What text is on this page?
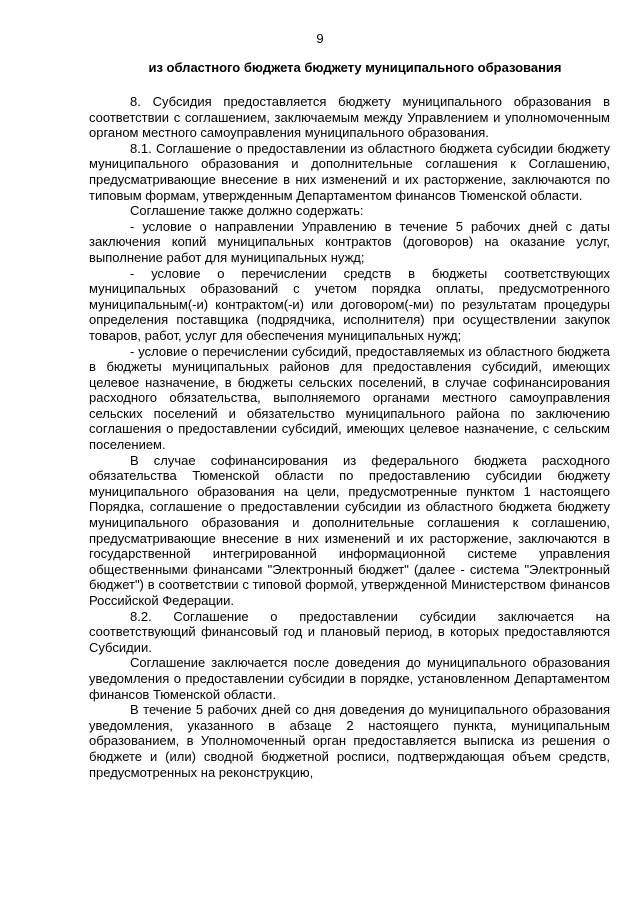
9
из областного бюджета бюджету муниципального образования

8. Субсидия предоставляется бюджету муниципального образования в соответствии с соглашением, заключаемым между Управлением и уполномоченным органом местного самоуправления муниципального образования.

8.1. Соглашение о предоставлении из областного бюджета субсидии бюджету муниципального образования и дополнительные соглашения к Соглашению, предусматривающие внесение в них изменений и их расторжение, заключаются по типовым формам, утвержденным Департаментом финансов Тюменской области.

Соглашение также должно содержать:

- условие о направлении Управлению в течение 5 рабочих дней с даты заключения копий муниципальных контрактов (договоров) на оказание услуг, выполнение работ для муниципальных нужд;

- условие о перечислении средств в бюджеты соответствующих муниципальных образований с учетом порядка оплаты, предусмотренного муниципальным(-и) контрактом(-и) или договором(-ми) по результатам процедуры определения поставщика (подрядчика, исполнителя) при осуществлении закупок товаров, работ, услуг для обеспечения муниципальных нужд;

- условие о перечислении субсидий, предоставляемых из областного бюджета в бюджеты муниципальных районов для предоставления субсидий, имеющих целевое назначение, в бюджеты сельских поселений, в случае софинансирования расходного обязательства, выполняемого органами местного самоуправления сельских поселений и обязательство муниципального района по заключению соглашения о предоставлении субсидий, имеющих целевое назначение, с сельским поселением.

В случае софинансирования из федерального бюджета расходного обязательства Тюменской области по предоставлению субсидии бюджету муниципального образования на цели, предусмотренные пунктом 1 настоящего Порядка, соглашение о предоставлении субсидии из областного бюджета бюджету муниципального образования и дополнительные соглашения к соглашению, предусматривающие внесение в них изменений и их расторжение, заключаются в государственной интегрированной информационной системе управления общественными финансами "Электронный бюджет" (далее - система "Электронный бюджет") в соответствии с типовой формой, утвержденной Министерством финансов Российской Федерации.

8.2. Соглашение о предоставлении субсидии заключается на соответствующий финансовый год и плановый период, в которых предоставляются Субсидии.

Соглашение заключается после доведения до муниципального образования уведомления о предоставлении субсидии в порядке, установленном Департаментом финансов Тюменской области.

В течение 5 рабочих дней со дня доведения до муниципального образования уведомления, указанного в абзаце 2 настоящего пункта, муниципальным образованием, в Уполномоченный орган предоставляется выписка из решения о бюджете и (или) сводной бюджетной росписи, подтверждающая объем средств, предусмотренных на реконструкцию,
